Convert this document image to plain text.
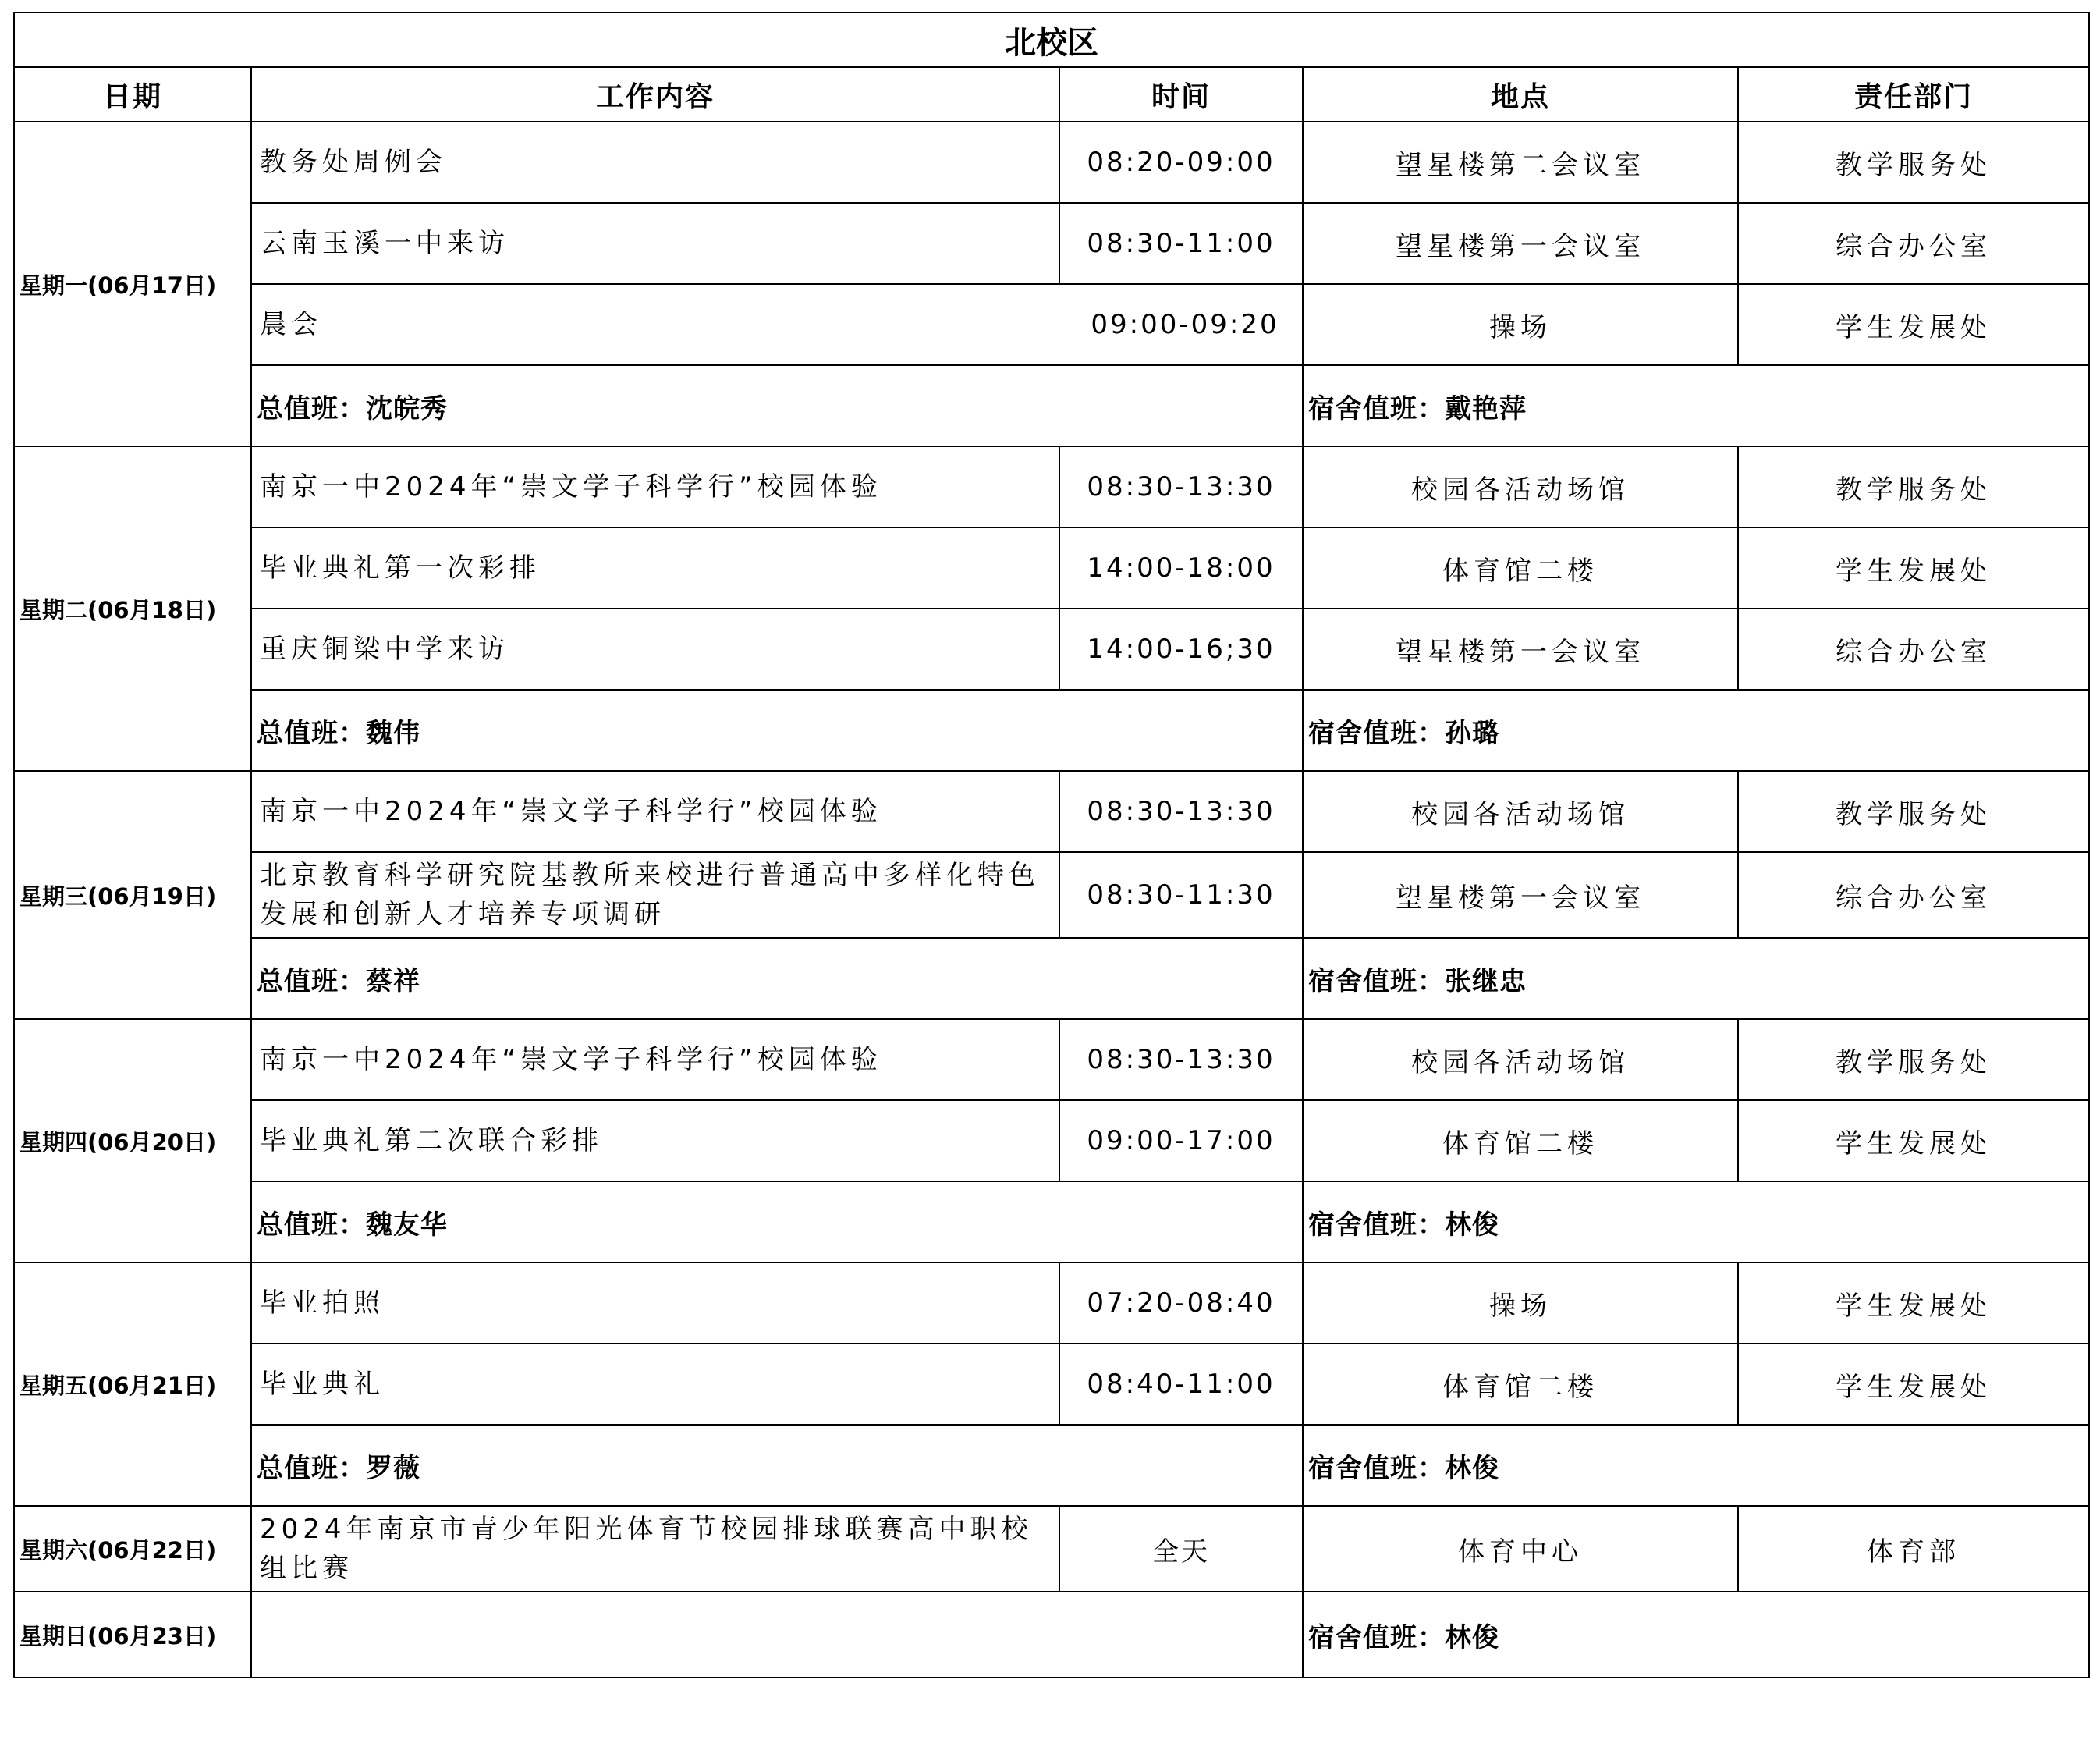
北校区				
日期	工作内容	时间	地点	责任部门
星期一(06月17日)	教务处周例会	08:20-09:00	望星楼第二会议室	教学服务处
	云南玉溪一中来访	08:30-11:00	望星楼第一会议室	综合办公室

	晨会 09:00-09:20		操场	学生发展处
	总值班：沈皖秀		宿舍值班：戴艳萍	
星期二(06月18日)	南京一中2024年“崇文学子科学行”校园体验	08:30-13:30	校园各活动场馆	教学服务处
	毕业典礼第一次彩排	14:00-18:00	体育馆二楼	学生发展处
	重庆铜梁中学来访	14:00-16;30	望星楼第一会议室	综合办公室
	总值班：魏伟		宿舍值班：孙璐	
星期三(06月19日)	南京一中2024年“崇文学子科学行”校园体验	08:30-13:30	校园各活动场馆	教学服务处
	北京教育科学研究院基教所来校进行普通高中多样化特色发展和创新人才培养专项调研	08:30-11:30	望星楼第一会议室	综合办公室
	总值班：蔡祥		宿舍值班：张继忠	
星期四(06月20日)	南京一中2024年“崇文学子科学行”校园体验	08:30-13:30	校园各活动场馆	教学服务处
	毕业典礼第二次联合彩排	09:00-17:00	体育馆二楼	学生发展处
	总值班：魏友华		宿舍值班：林俊	
星期五(06月21日)	毕业拍照	07:20-08:40	操场	学生发展处
	毕业典礼	08:40-11:00	体育馆二楼	学生发展处
	总值班：罗薇		宿舍值班：林俊	
星期六(06月22日)	2024年南京市青少年阳光体育节校园排球联赛高中职校组比赛	全天	体育中心	体育部
星期日(06月23日)			宿舍值班：林俊	
